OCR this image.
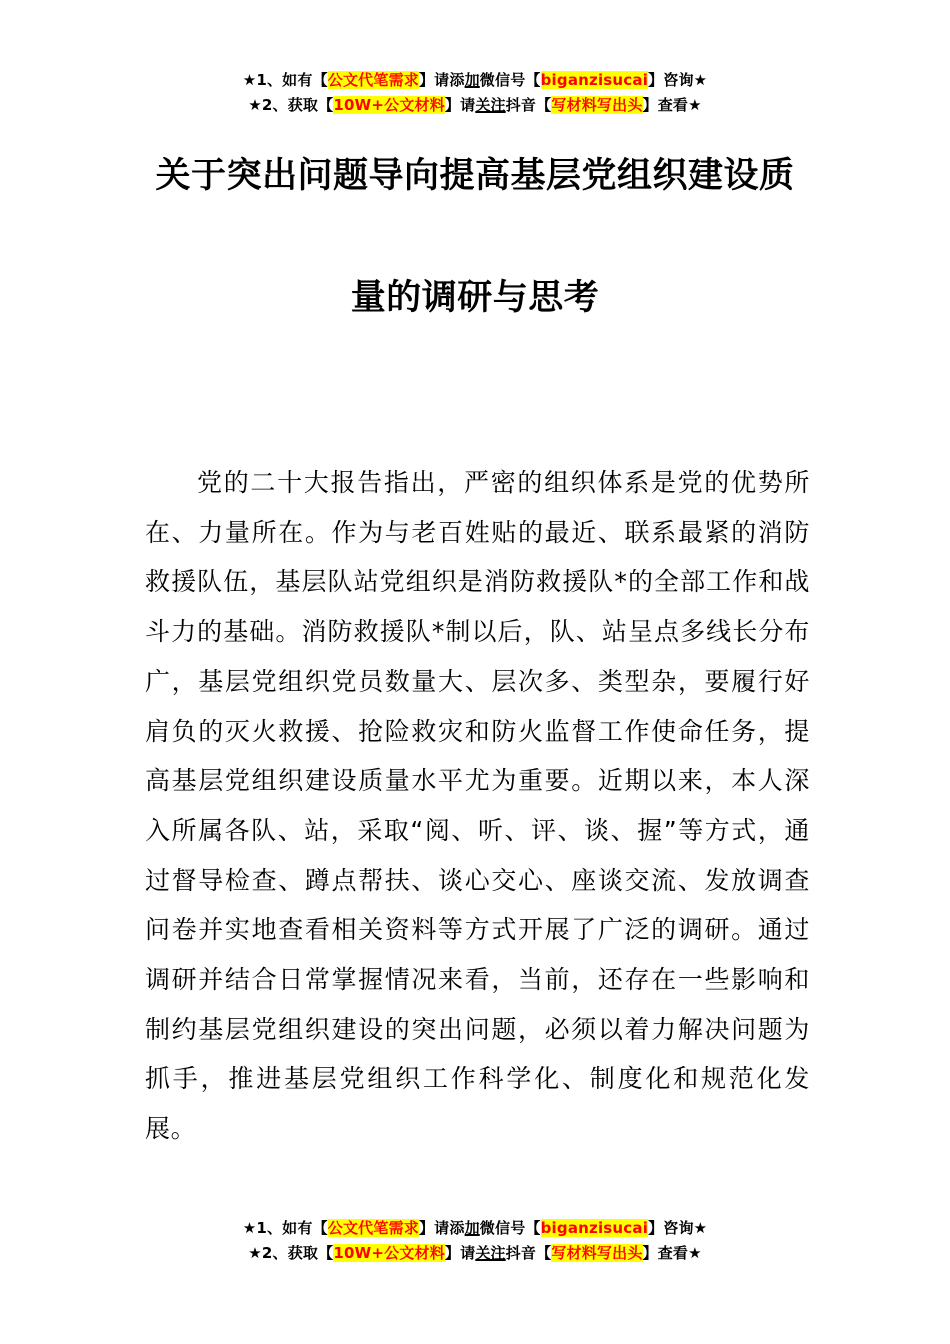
★1、如有【公文代笔需求】请添加微信号【biganzisucai】咨询★
★2、获取【10W+公文材料】请关注抖音【写材料写出头】查看★
关于突出问题导向提高基层党组织建设质
量的调研与思考
党的二十大报告指出，严密的组织体系是党的优势所在、力量所在。作为与老百姓贴的最近、联系最紧的消防救援队伍，基层队站党组织是消防救援队*的全部工作和战斗力的基础。消防救援队*制以后，队、站呈点多线长分布广，基层党组织党员数量大、层次多、类型杂，要履行好肩负的灭火救援、抢险救灾和防火监督工作使命任务，提高基层党组织建设质量水平尤为重要。近期以来，本人深入所属各队、站，采取“阅、听、评、谈、握”等方式，通过督导检查、蹲点帮扶、谈心交心、座谈交流、发放调查问卷并实地查看相关资料等方式开展了广泛的调研。通过调研并结合日常掌握情况来看，当前，还存在一些影响和制约基层党组织建设的突出问题，必须以着力解决问题为抓手，推进基层党组织工作科学化、制度化和规范化发展。
★1、如有【公文代笔需求】请添加微信号【biganzisucai】咨询★
★2、获取【10W+公文材料】请关注抖音【写材料写出头】查看★
